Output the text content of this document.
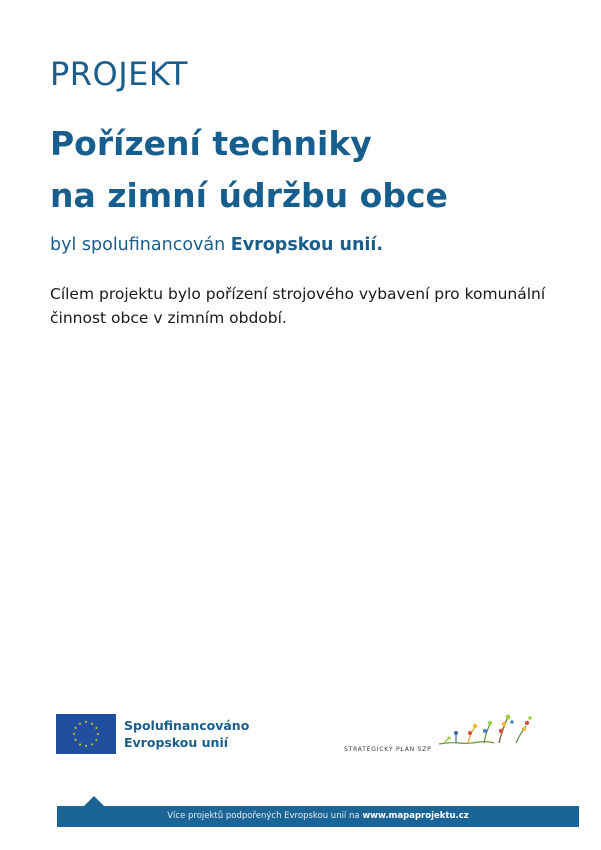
PROJEKT
Pořízení techniky
na zimní údržbu obce
byl spolufinancován Evropskou unií.
Cílem projektu bylo pořízení strojového vybavení pro komunální
činnost obce v zimním období.
Spolufinancováno
Evropskou unií	STRATEGICKÝ PLÁN SZP
Více projektů podpořených Evropskou unií na www.mapaprojektu.cz
